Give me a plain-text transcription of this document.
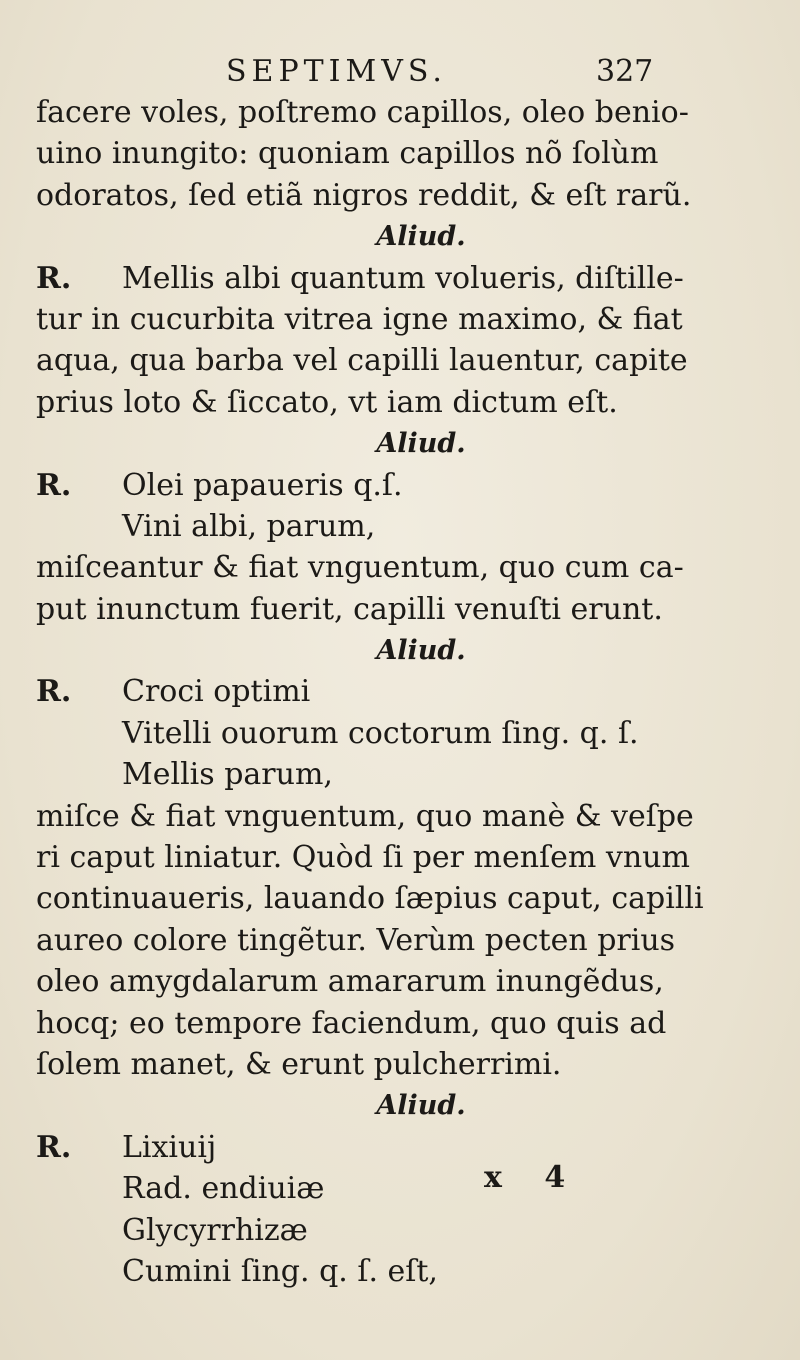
SEPTIMVS.	327
facere voles, poſtremo capillos, oleo benio-
uino inungito: quoniam capillos nõ ſolùm
odoratos, ſed etiã nigros reddit, & eſt rarũ.
Aliud.
R. Mellis albi quantum volueris, diſtille-
tur in cucurbita vitrea igne maximo, & fiat
aqua, qua barba vel capilli lauentur, capite
prius loto & ſiccato, vt iam dictum eſt.
Aliud.
R. Olei papaueris q.ſ.
Vini albi, parum,
miſceantur & fiat vnguentum, quo cum ca-
put inunctum fuerit, capilli venuſti erunt.
Aliud.
R. Croci optimi
Vitelli ouorum coctorum ſing. q. ſ.
Mellis parum,
miſce & fiat vnguentum, quo manè & veſpe
ri caput liniatur. Quòd ſi per menſem vnum
continuaueris, lauando ſæpius caput, capilli
aureo colore tingẽtur. Verùm pecten prius
oleo amygdalarum amararum inungẽdus,
hocq; eo tempore faciendum, quo quis ad
ſolem manet, & erunt pulcherrimi.
Aliud.
R. Lixiuij
Rad. endiuiæ
Glycyrrhizæ
Cumini ſing. q. ſ. eſt,
x 4
